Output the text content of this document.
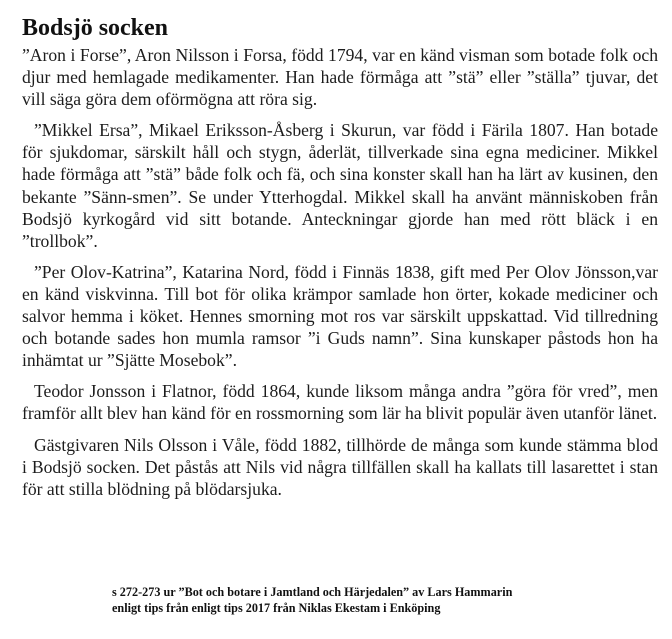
Bodsjö socken

”Aron i Forse”, Aron Nilsson i Forsa, född 1794, var en känd visman som botade folk och djur med hemlagade medikamenter. Han hade förmåga att ”stä” eller ”ställa” tjuvar, det vill säga göra dem oförmögna att röra sig.

”Mikkel Ersa”, Mikael Eriksson-Åsberg i Skurun, var född i Färila 1807. Han botade för sjukdomar, särskilt håll och stygn, åderlät, tillverkade sina egna mediciner. Mikkel hade förmåga att ”stä” både folk och fä, och sina konster skall han ha lärt av kusinen, den bekante ”Sänn-smen”. Se under Ytterhogdal. Mikkel skall ha använt människoben från Bodsjö kyrkogård vid sitt botande. Anteckningar gjorde han med rött bläck i en ”trollbok”.

”Per Olov-Katrina”, Katarina Nord, född i Finnäs 1838, gift med Per Olov Jönsson,var en känd viskvinna. Till bot för olika krämpor samlade hon örter, kokade mediciner och salvor hemma i köket. Hennes smorning mot ros var särskilt uppskattad. Vid tillredning och botande sades hon mumla ramsor ”i Guds namn”. Sina kunskaper påstods hon ha inhämtat ur ”Sjätte Mosebok”.

Teodor Jonsson i Flatnor, född 1864, kunde liksom många andra ”göra för vred”, men framför allt blev han känd för en rossmorning som lär ha blivit populär även utanför länet.

Gästgivaren Nils Olsson i Våle, född 1882, tillhörde de många som kunde stämma blod i Bodsjö socken. Det påstås att Nils vid några tillfällen skall ha kallats till lasarettet i stan för att stilla blödning på blödarsjuka.

s 272-273 ur ”Bot och botare i Jamtland och Härjedalen” av Lars Hammarin
enligt tips från enligt tips 2017 från Niklas Ekestam i Enköping
